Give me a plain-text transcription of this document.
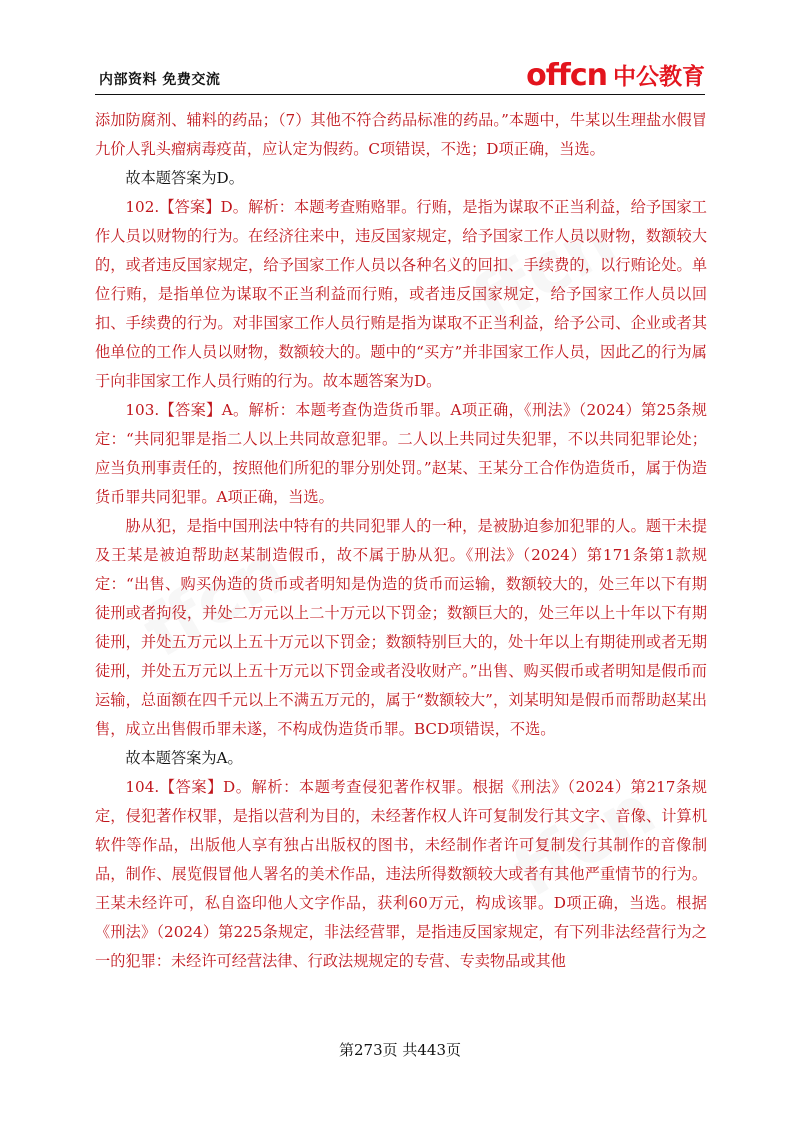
ffcn
ffcn
ffcn
内部资料 免费交流	offcn 中公教育

添加防腐剂、辅料的药品；（7）其他不符合药品标准的药品。”本题中，牛某以生理盐水假冒九价人乳头瘤病毒疫苗，应认定为假药。C项错误，不选；D项正确，当选。

故本题答案为D。

102.【答案】D。解析：本题考查贿赂罪。行贿，是指为谋取不正当利益，给予国家工作人员以财物的行为。在经济往来中，违反国家规定，给予国家工作人员以财物，数额较大的，或者违反国家规定，给予国家工作人员以各种名义的回扣、手续费的，以行贿论处。单位行贿，是指单位为谋取不正当利益而行贿，或者违反国家规定，给予国家工作人员以回扣、手续费的行为。对非国家工作人员行贿是指为谋取不正当利益，给予公司、企业或者其他单位的工作人员以财物，数额较大的。题中的“买方”并非国家工作人员，因此乙的行为属于向非国家工作人员行贿的行为。故本题答案为D。

103.【答案】A。解析：本题考查伪造货币罪。A项正确，《刑法》（2024）第25条规定：“共同犯罪是指二人以上共同故意犯罪。二人以上共同过失犯罪，不以共同犯罪论处；应当负刑事责任的，按照他们所犯的罪分别处罚。”赵某、王某分工合作伪造货币，属于伪造货币罪共同犯罪。A项正确，当选。

胁从犯，是指中国刑法中特有的共同犯罪人的一种，是被胁迫参加犯罪的人。题干未提及王某是被迫帮助赵某制造假币，故不属于胁从犯。《刑法》（2024）第171条第1款规定：“出售、购买伪造的货币或者明知是伪造的货币而运输，数额较大的，处三年以下有期徒刑或者拘役，并处二万元以上二十万元以下罚金；数额巨大的，处三年以上十年以下有期徒刑，并处五万元以上五十万元以下罚金；数额特别巨大的，处十年以上有期徒刑或者无期徒刑，并处五万元以上五十万元以下罚金或者没收财产。”出售、购买假币或者明知是假币而运输，总面额在四千元以上不满五万元的，属于“数额较大”，刘某明知是假币而帮助赵某出售，成立出售假币罪未遂，不构成伪造货币罪。BCD项错误，不选。

故本题答案为A。

104.【答案】D。解析：本题考查侵犯著作权罪。根据《刑法》（2024）第217条规定，侵犯著作权罪，是指以营利为目的，未经著作权人许可复制发行其文字、音像、计算机软件等作品，出版他人享有独占出版权的图书，未经制作者许可复制发行其制作的音像制品，制作、展览假冒他人署名的美术作品，违法所得数额较大或者有其他严重情节的行为。王某未经许可，私自盗印他人文字作品，获利60万元，构成该罪。D项正确，当选。根据《刑法》（2024）第225条规定，非法经营罪，是指违反国家规定，有下列非法经营行为之一的犯罪：未经许可经营法律、行政法规规定的专营、专卖物品或其他

第273页 共443页
